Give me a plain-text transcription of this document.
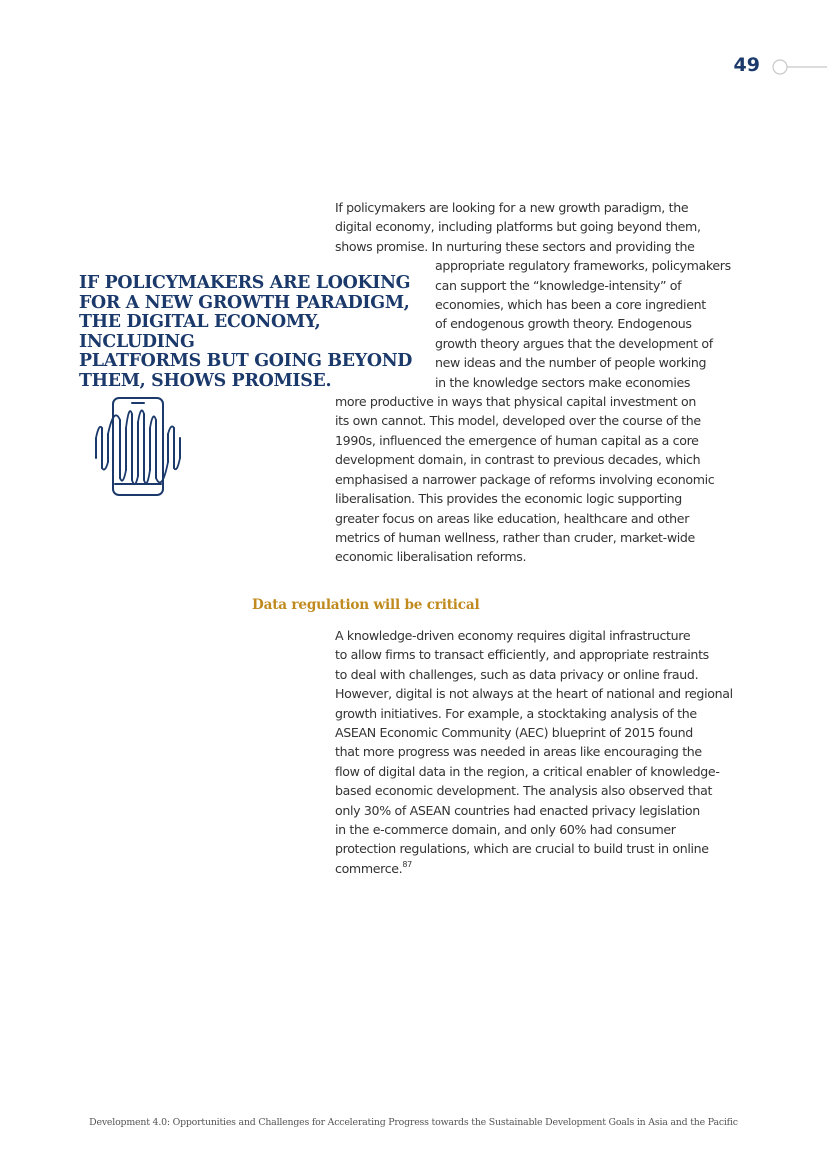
49
IF POLICYMAKERS ARE LOOKING
FOR A NEW GROWTH PARADIGM,
THE DIGITAL ECONOMY, INCLUDING
PLATFORMS BUT GOING BEYOND
THEM, SHOWS PROMISE.
If policymakers are looking for a new growth paradigm, the
digital economy, including platforms but going beyond them,
shows promise. In nurturing these sectors and providing the
appropriate regulatory frameworks, policymakers
can support the “knowledge-intensity” of
economies, which has been a core ingredient
of endogenous growth theory. Endogenous
growth theory argues that the development of
new ideas and the number of people working
in the knowledge sectors make economies
more productive in ways that physical capital investment on
its own cannot. This model, developed over the course of the
1990s, influenced the emergence of human capital as a core
development domain, in contrast to previous decades, which
emphasised a narrower package of reforms involving economic
liberalisation. This provides the economic logic supporting
greater focus on areas like education, healthcare and other
metrics of human wellness, rather than cruder, market-wide
economic liberalisation reforms.
Data regulation will be critical
A knowledge-driven economy requires digital infrastructure
to allow firms to transact efficiently, and appropriate restraints
to deal with challenges, such as data privacy or online fraud.
However, digital is not always at the heart of national and regional
growth initiatives. For example, a stocktaking analysis of the
ASEAN Economic Community (AEC) blueprint of 2015 found
that more progress was needed in areas like encouraging the
flow of digital data in the region, a critical enabler of knowledge-
based economic development. The analysis also observed that
only 30% of ASEAN countries had enacted privacy legislation
in the e-commerce domain, and only 60% had consumer
protection regulations, which are crucial to build trust in online
commerce.$^{87}$
Development 4.0: Opportunities and Challenges for Accelerating Progress towards the Sustainable Development Goals in Asia and the Pacific
